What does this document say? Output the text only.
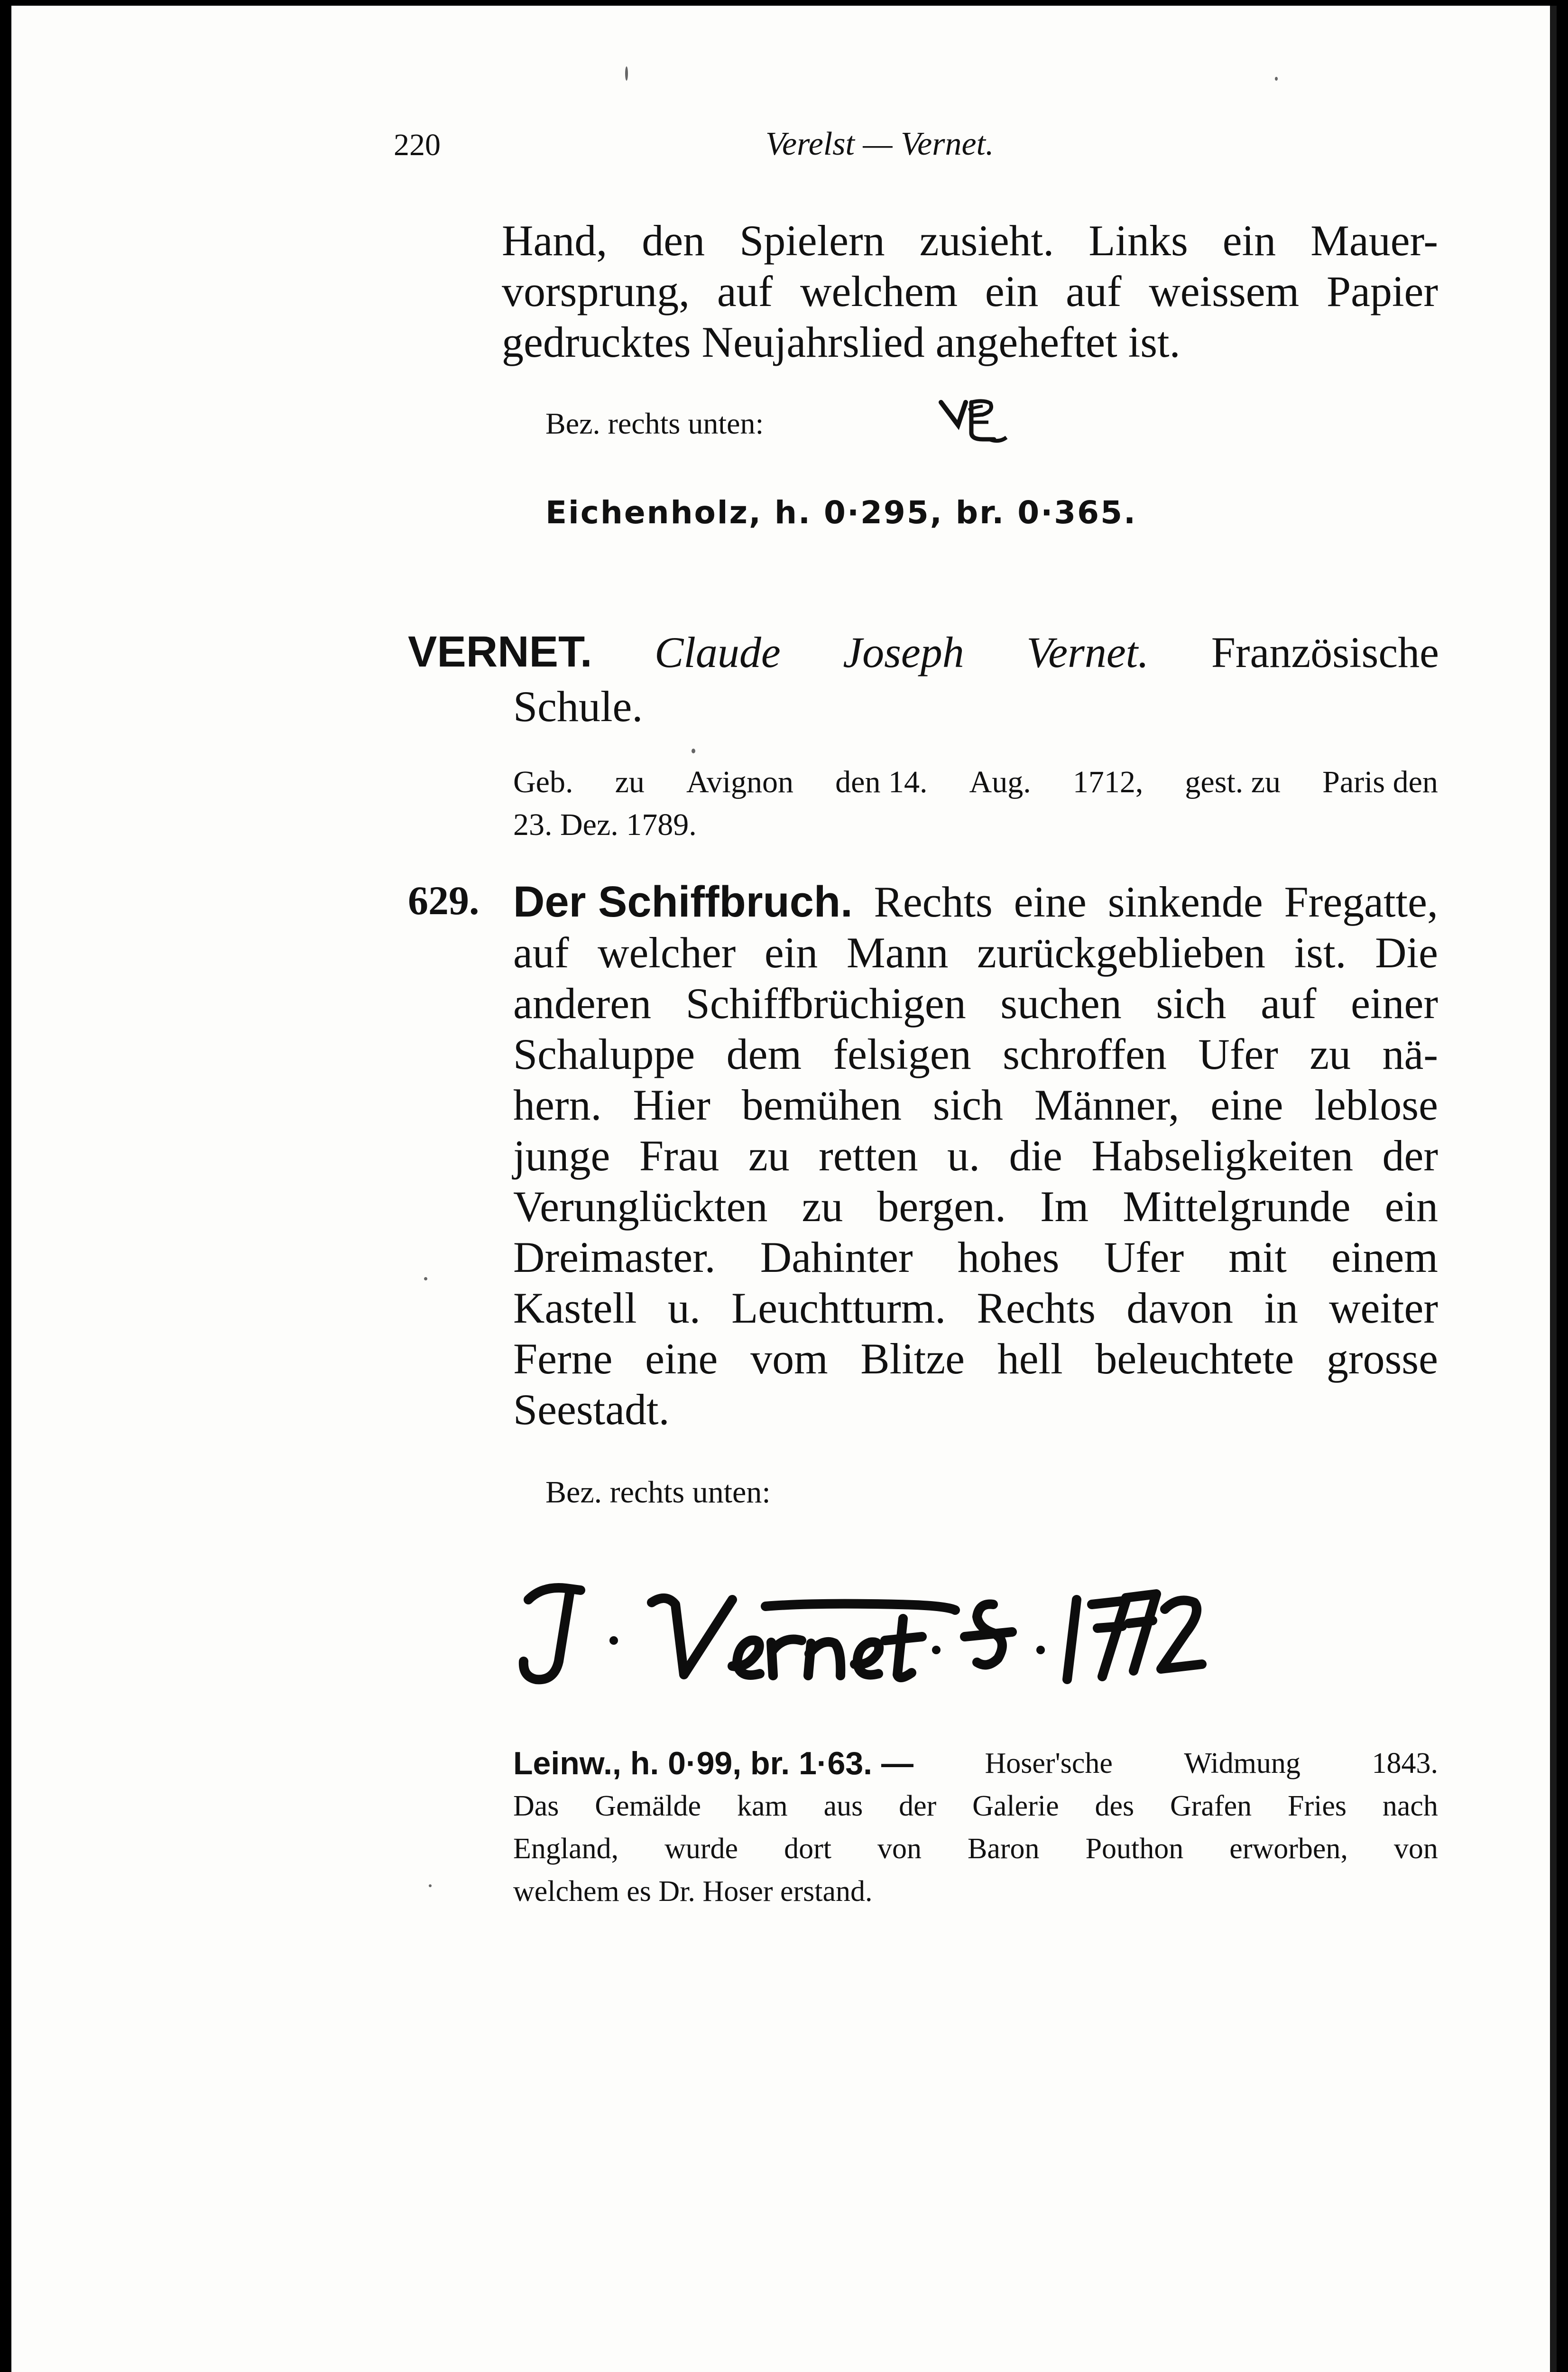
220	Verelst — Vernet.
Hand, den Spielern zusieht. Links ein Mauer-
vorsprung, auf welchem ein auf weissem Papier
gedrucktes Neujahrslied angeheftet ist.
Bez. rechts unten:
Eichenholz, h. 0·295, br. 0·365.
VERNET. Claude Joseph Vernet. Französische
Schule.
Geb. zu Avignon den 14. Aug. 1712, gest. zu Paris den
23. Dez. 1789.
629. Der Schiffbruch. Rechts eine sinkende Fregatte,
auf welcher ein Mann zurückgeblieben ist. Die
anderen Schiffbrüchigen suchen sich auf einer
Schaluppe dem felsigen schroffen Ufer zu nä-
hern. Hier bemühen sich Männer, eine leblose
junge Frau zu retten u. die Habseligkeiten der
Verunglückten zu bergen. Im Mittelgrunde ein
Dreimaster. Dahinter hohes Ufer mit einem
Kastell u. Leuchtturm. Rechts davon in weiter
Ferne eine vom Blitze hell beleuchtete grosse
Seestadt.
Bez. rechts unten:
Leinw., h. 0·99, br. 1·63. — Hoser'sche Widmung 1843.
Das Gemälde kam aus der Galerie des Grafen Fries nach
England, wurde dort von Baron Pouthon erworben, von
welchem es Dr. Hoser erstand.
